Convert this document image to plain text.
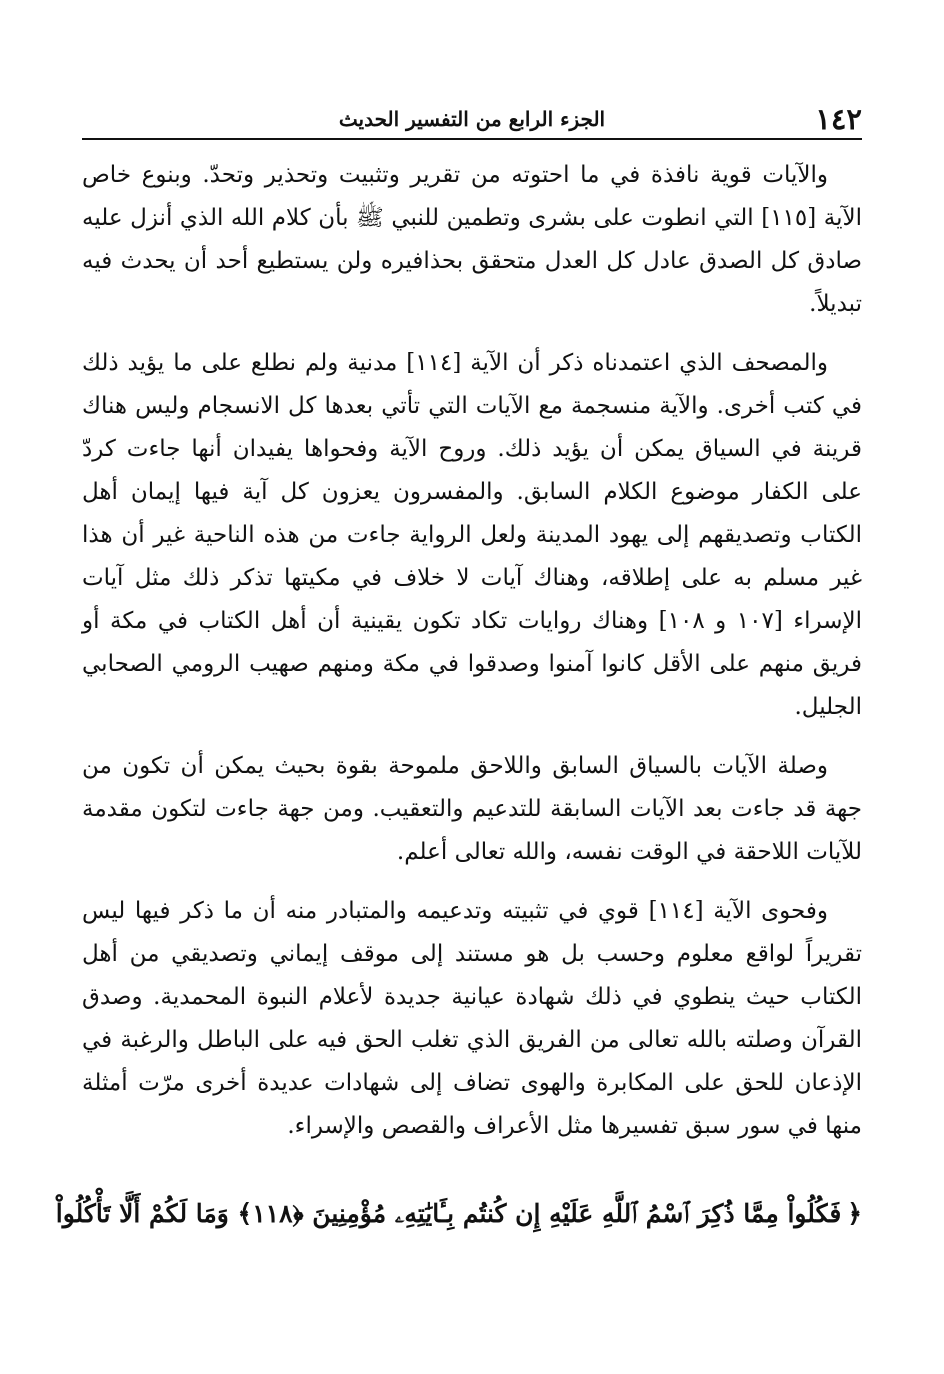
١٤٢
الجزء الرابع من التفسير الحديث

والآيات قوية نافذة في ما احتوته من تقرير وتثبيت وتحذير وتحدّ. وبنوع خاص الآية [١١٥] التي انطوت على بشرى وتطمين للنبي ﷺ بأن كلام الله الذي أنزل عليه صادق كل الصدق عادل كل العدل متحقق بحذافيره ولن يستطيع أحد أن يحدث فيه تبديلاً.

والمصحف الذي اعتمدناه ذكر أن الآية [١١٤] مدنية ولم نطلع على ما يؤيد ذلك في كتب أخرى. والآية منسجمة مع الآيات التي تأتي بعدها كل الانسجام وليس هناك قرينة في السياق يمكن أن يؤيد ذلك. وروح الآية وفحواها يفيدان أنها جاءت كردّ على الكفار موضوع الكلام السابق. والمفسرون يعزون كل آية فيها إيمان أهل الكتاب وتصديقهم إلى يهود المدينة ولعل الرواية جاءت من هذه الناحية غير أن هذا غير مسلم به على إطلاقه، وهناك آيات لا خلاف في مكيتها تذكر ذلك مثل آيات الإسراء [١٠٧ و ١٠٨] وهناك روايات تكاد تكون يقينية أن أهل الكتاب في مكة أو فريق منهم على الأقل كانوا آمنوا وصدقوا في مكة ومنهم صهيب الرومي الصحابي الجليل.

وصلة الآيات بالسياق السابق واللاحق ملموحة بقوة بحيث يمكن أن تكون من جهة قد جاءت بعد الآيات السابقة للتدعيم والتعقيب. ومن جهة جاءت لتكون مقدمة للآيات اللاحقة في الوقت نفسه، والله تعالى أعلم.

وفحوى الآية [١١٤] قوي في تثبيته وتدعيمه والمتبادر منه أن ما ذكر فيها ليس تقريراً لواقع معلوم وحسب بل هو مستند إلى موقف إيماني وتصديقي من أهل الكتاب حيث ينطوي في ذلك شهادة عيانية جديدة لأعلام النبوة المحمدية. وصدق القرآن وصلته بالله تعالى من الفريق الذي تغلب الحق فيه على الباطل والرغبة في الإذعان للحق على المكابرة والهوى تضاف إلى شهادات عديدة أخرى مرّت أمثلة منها في سور سبق تفسيرها مثل الأعراف والقصص والإسراء.

﴿فَكُلُواْ مِمَّا ذُكِرَ ٱسْمُ ٱللَّهِ عَلَيْهِ إِن كُنتُم بِـَٔايَٰتِهِۦ مُؤْمِنِينَ ﴿١١٨﴾ وَمَا لَكُمْ أَلَّا تَأْكُلُواْ
